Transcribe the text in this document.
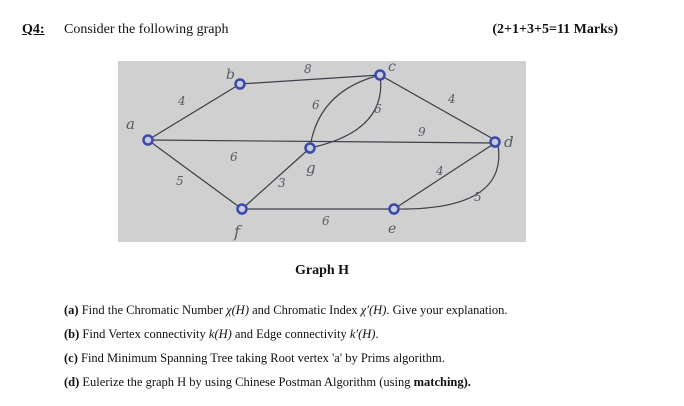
Q4: Consider the following graph	(2+1+3+5=11 Marks)
a
b	c
d
e
f
g
4
8
4
6	6
9
5	3
6
4
5
6
Graph H
(a) Find the Chromatic Number χ(H) and Chromatic Index χ′(H). Give your explanation.
(b) Find Vertex connectivity k(H) and Edge connectivity k′(H).
(c) Find Minimum Spanning Tree taking Root vertex 'a' by Prims algorithm.
(d) Eulerize the graph H by using Chinese Postman Algorithm (using matching).
